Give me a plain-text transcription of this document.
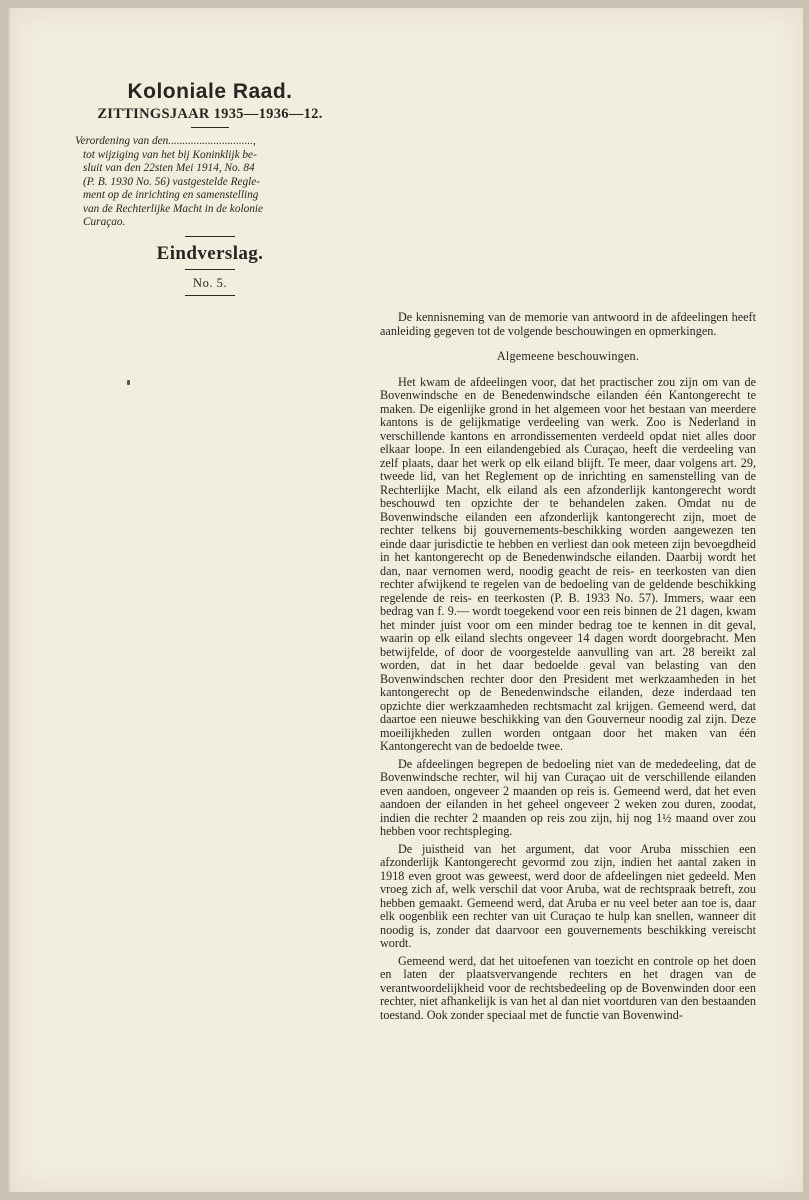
Koloniale Raad.
ZITTINGSJAAR 1935—1936—12.
Verordening van den..............................,
tot wijziging van het bij Koninklijk be-
sluit van den 22sten Mei 1914, No. 84
(P. B. 1930 No. 56) vastgestelde Regle-
ment op de inrichting en samenstelling
van de Rechterlijke Macht in de kolonie
Curaçao.
Eindverslag.
No. 5.

De kennisneming van de memorie van antwoord in de afdeelingen heeft aanleiding gegeven tot de volgende beschouwingen en opmerkingen.

Algemeene beschouwingen.

Het kwam de afdeelingen voor, dat het practischer zou zijn om van de Bovenwindsche en de Benedenwindsche eilanden één Kantongerecht te maken. De eigenlijke grond in het algemeen voor het bestaan van meerdere kantons is de gelijkmatige verdeeling van werk. Zoo is Nederland in verschillende kantons en arrondissementen verdeeld opdat niet alles door elkaar loope. In een eilandengebied als Curaçao, heeft die verdeeling van zelf plaats, daar het werk op elk eiland blijft. Te meer, daar volgens art. 29, tweede lid, van het Reglement op de inrichting en samenstelling van de Rechterlijke Macht, elk eiland als een afzonderlijk kantongerecht wordt beschouwd ten opzichte der te behandelen zaken. Omdat nu de Bovenwindsche eilanden een afzonderlijk kantongerecht zijn, moet de rechter telkens bij gouvernements-beschikking worden aangewezen ten einde daar jurisdictie te hebben en verliest dan ook meteen zijn bevoegdheid in het kantongerecht op de Benedenwindsche eilanden. Daarbij wordt het dan, naar vernomen werd, noodig geacht de reis- en teerkosten van dien rechter afwijkend te regelen van de bedoeling van de geldende beschikking regelende de reis- en teerkosten (P. B. 1933 No. 57). Immers, waar een bedrag van f. 9.— wordt toegekend voor een reis binnen de 21 dagen, kwam het minder juist voor om een minder bedrag toe te kennen in dit geval, waarin op elk eiland slechts ongeveer 14 dagen wordt doorgebracht. Men betwijfelde, of door de voorgestelde aanvulling van art. 28 bereikt zal worden, dat in het daar bedoelde geval van belasting van den Bovenwindschen rechter door den President met werkzaamheden in het kantongerecht op de Benedenwindsche eilanden, deze inderdaad ten opzichte dier werkzaamheden rechtsmacht zal krijgen. Gemeend werd, dat daartoe een nieuwe beschikking van den Gouverneur noodig zal zijn. Deze moeilijkheden zullen worden ontgaan door het maken van één Kantongerecht van de bedoelde twee.

De afdeelingen begrepen de bedoeling niet van de mededeeling, dat de Bovenwindsche rechter, wil hij van Curaçao uit de verschillende eilanden even aandoen, ongeveer 2 maanden op reis is. Gemeend werd, dat het even aandoen der eilanden in het geheel ongeveer 2 weken zou duren, zoodat, indien die rechter 2 maanden op reis zou zijn, hij nog 1½ maand over zou hebben voor rechtspleging.

De juistheid van het argument, dat voor Aruba misschien een afzonderlijk Kantongerecht gevormd zou zijn, indien het aantal zaken in 1918 even groot was geweest, werd door de afdeelingen niet gedeeld. Men vroeg zich af, welk verschil dat voor Aruba, wat de rechtspraak betreft, zou hebben gemaakt. Gemeend werd, dat Aruba er nu veel beter aan toe is, daar elk oogenblik een rechter van uit Curaçao te hulp kan snellen, wanneer dit noodig is, zonder dat daarvoor een gouvernements beschikking vereischt wordt.

Gemeend werd, dat het uitoefenen van toezicht en controle op het doen en laten der plaatsvervangende rechters en het dragen van de verantwoordelijkheid voor de rechtsbedeeling op de Bovenwinden door een rechter, niet afhankelijk is van het al dan niet voortduren van den bestaanden toestand. Ook zonder speciaal met de functie van Bovenwind-
